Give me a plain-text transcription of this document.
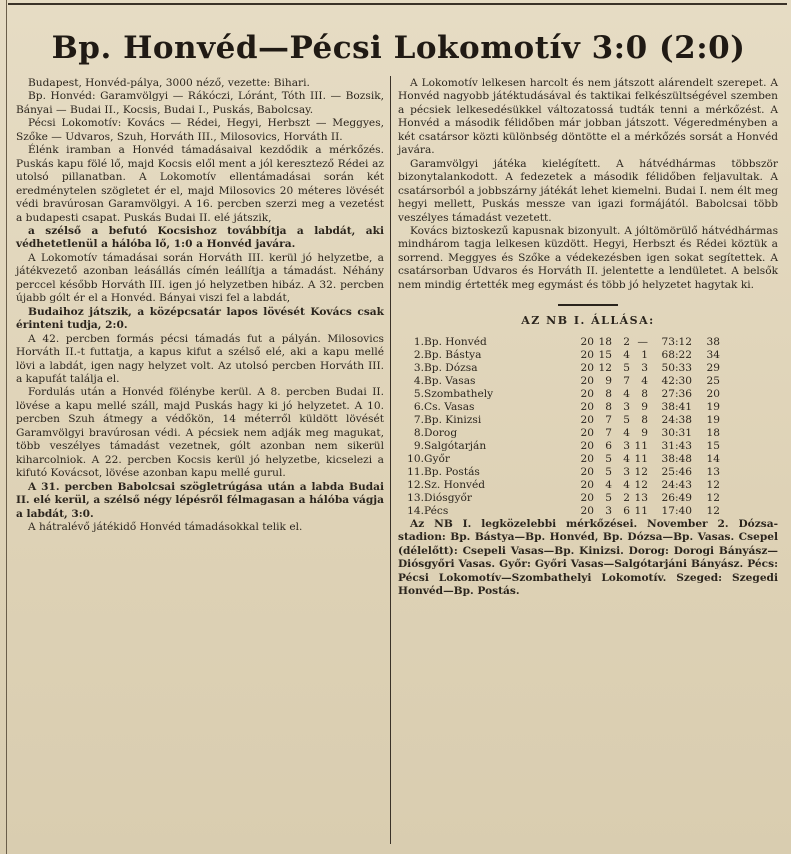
Bp. Honvéd—Pécsi Lokomotív 3:0 (2:0)

Budapest, Honvéd-pálya, 3000 néző, vezette: Bihari.

Bp. Honvéd: Garamvölgyi — Rákóczi, Lóránt, Tóth III. — Bozsik, Bányai — Budai II., Kocsis, Budai I., Puskás, Babolcsay.

Pécsi Lokomotív: Kovács — Rédei, Hegyi, Herbszt — Meggyes, Szőke — Udvaros, Szuh, Horváth III., Milosovics, Horváth II.

Élénk iramban a Honvéd támadásaival kezdődik a mérkőzés. Puskás kapu fölé lő, majd Kocsis elől ment a jól keresztező Rédei az utolsó pillanatban. A Lokomotív ellentámadásai során két eredménytelen szögletet ér el, majd Milosovics 20 méteres lövését védi bravúrosan Garamvölgyi. A 16. percben szerzi meg a vezetést a budapesti csapat. Puskás Budai II. elé játszik,

a szélső a befutó Kocsishoz továbbítja a labdát, aki védhetetlenül a hálóba lő, 1:0 a Honvéd javára.

A Lokomotív támadásai során Horváth III. kerül jó helyzetbe, a játékvezető azonban leásállás címén leállítja a támadást. Néhány perccel később Horváth III. igen jó helyzetben hibáz. A 32. percben újabb gólt ér el a Honvéd. Bányai viszi fel a labdát,

Budaihoz játszik, a középcsatár lapos lövését Kovács csak érinteni tudja, 2:0.

A 42. percben formás pécsi támadás fut a pályán. Milosovics Horváth II.-t futtatja, a kapus kifut a szélső elé, aki a kapu mellé lövi a labdát, igen nagy helyzet volt. Az utolsó percben Horváth III. a kapufát találja el.

Fordulás után a Honvéd fölénybe kerül. A 8. percben Budai II. lövése a kapu mellé száll, majd Puskás hagy ki jó helyzetet. A 10. percben Szuh átmegy a védőkön, 14 méterről küldött lövését Garamvölgyi bravúrosan védi. A pécsiek nem adják meg magukat, több veszélyes támadást vezetnek, gólt azonban nem sikerül kiharcolniok. A 22. percben Kocsis kerül jó helyzetbe, kicselezi a kifutó Kovácsot, lövése azonban kapu mellé gurul.

A 31. percben Babolcsai szögletrúgása után a labda Budai II. elé kerül, a szélső négy lépésről félmagasan a hálóba vágja a labdát, 3:0.

A hátralévő játékidő Honvéd támadásokkal telik el.

A Lokomotív lelkesen harcolt és nem játszott alárendelt szerepet. A Honvéd nagyobb játéktudásával és taktikai felkészültségével szemben a pécsiek lelkesedésükkel változatossá tudták tenni a mérkőzést. A Honvéd a második félidőben már jobban játszott. Végeredményben a két csatársor közti különbség döntötte el a mérkőzés sorsát a Honvéd javára.

Garamvölgyi játéka kielégített. A hátvédhármas többször bizonytalankodott. A fedezetek a második félidőben feljavultak. A csatársorból a jobbszárny játékát lehet kiemelni. Budai I. nem élt meg hegyi mellett, Puskás messze van igazi formájától. Babolcsai több veszélyes támadást vezetett.

Kovács biztoskezű kapusnak bizonyult. A jóltömörülő hátvédhármas mindhárom tagja lelkesen küzdött. Hegyi, Herbszt és Rédei köztük a sorrend. Meggyes és Szőke a védekezésben igen sokat segítettek. A csatársorban Udvaros és Horváth II. jelentette a lendületet. A belsők nem mindig értették meg egymást és több jó helyzetet hagytak ki.

AZ NB I. ÁLLÁSA:
1.	Bp. Honvéd	20	18	2	—	73:12	38
2.	Bp. Bástya	20	15	4	1	68:22	34
3.	Bp. Dózsa	20	12	5	3	50:33	29
4.	Bp. Vasas	20	9	7	4	42:30	25
5.	Szombathely	20	8	4	8	27:36	20
6.	Cs. Vasas	20	8	3	9	38:41	19
7.	Bp. Kinizsi	20	7	5	8	24:38	19
8.	Dorog	20	7	4	9	30:31	18
9.	Salgótarján	20	6	3	11	31:43	15
10.	Győr	20	5	4	11	38:48	14
11.	Bp. Postás	20	5	3	12	25:46	13
12.	Sz. Honvéd	20	4	4	12	24:43	12
13.	Diósgyőr	20	5	2	13	26:49	12
14.	Pécs	20	3	6	11	17:40	12

Az NB I. legközelebbi mérkőzései. November 2. Dózsa-stadion: Bp. Bástya—Bp. Honvéd, Bp. Dózsa—Bp. Vasas. Csepel (délelőtt): Csepeli Vasas—Bp. Kinizsi. Dorog: Dorogi Bányász—Diósgyőri Vasas. Győr: Győri Vasas—Salgótarjáni Bányász. Pécs: Pécsi Lokomotív—Szombathelyi Lokomotív. Szeged: Szegedi Honvéd—Bp. Postás.
